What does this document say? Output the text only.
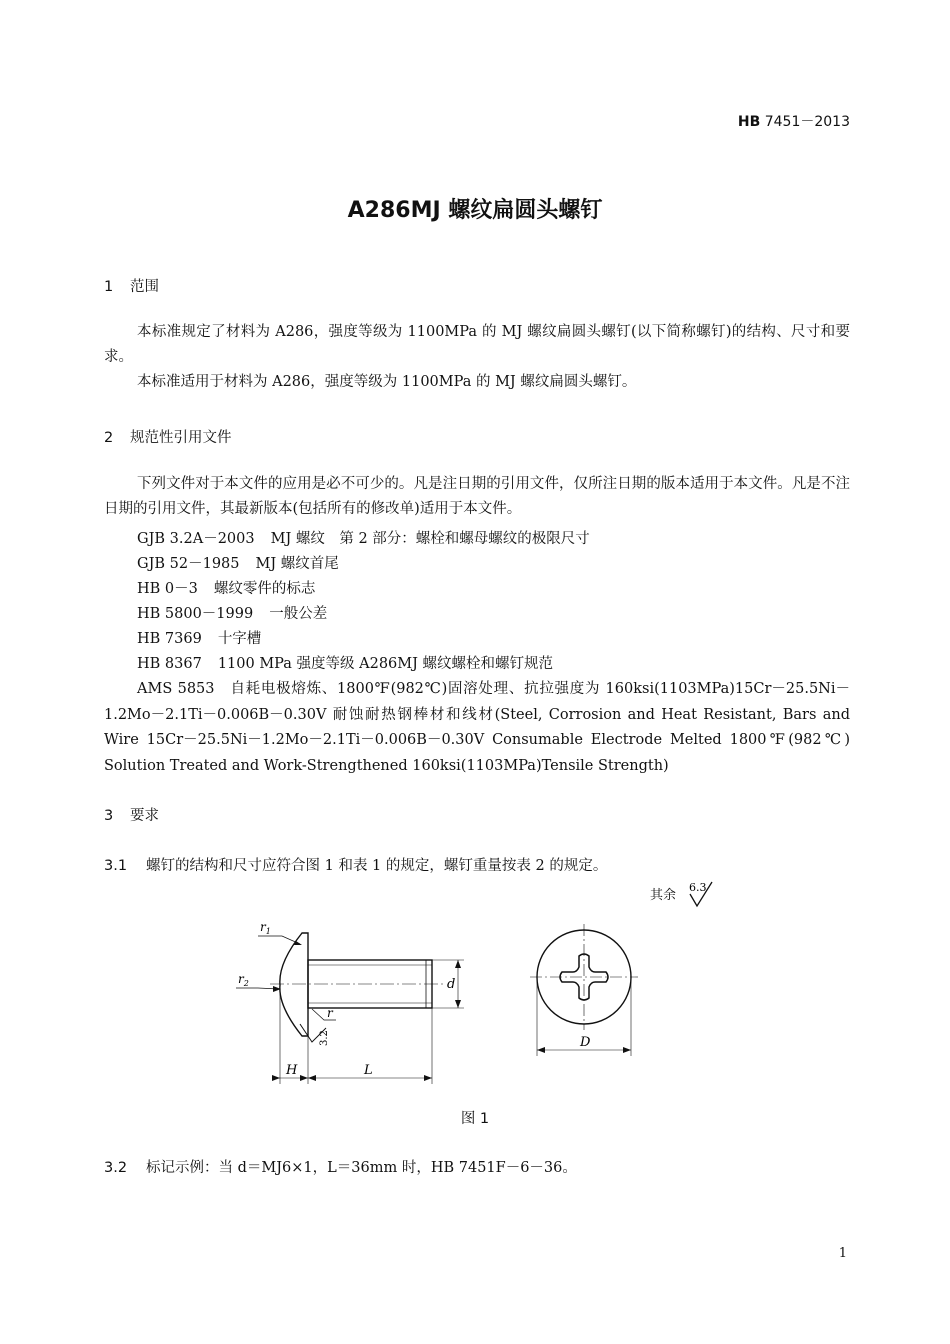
HB 7451－2013
A286MJ 螺纹扁圆头螺钉
1 范围
本标准规定了材料为 A286，强度等级为 1100MPa 的 MJ 螺纹扁圆头螺钉(以下简称螺钉)的结构、尺寸和要求。
本标准适用于材料为 A286，强度等级为 1100MPa 的 MJ 螺纹扁圆头螺钉。
2 规范性引用文件
下列文件对于本文件的应用是必不可少的。凡是注日期的引用文件，仅所注日期的版本适用于本文件。凡是不注日期的引用文件，其最新版本(包括所有的修改单)适用于本文件。
GJB 3.2A－2003 MJ 螺纹　第 2 部分：螺栓和螺母螺纹的极限尺寸
GJB 52－1985 MJ 螺纹首尾
HB 0－3 螺纹零件的标志
HB 5800－1999 一般公差
HB 7369 十字槽
HB 8367 1100 MPa 强度等级 A286MJ 螺纹螺栓和螺钉规范
AMS 5853　自耗电极熔炼、1800℉(982℃)固溶处理、抗拉强度为 160ksi(1103MPa)15Cr－25.5Ni－1.2Mo－2.1Ti－0.006B－0.30V 耐蚀耐热钢棒材和线材(Steel, Corrosion and Heat Resistant, Bars and Wire 15Cr－25.5Ni－1.2Mo－2.1Ti－0.006B－0.30V Consumable Electrode Melted 1800℉(982℃) Solution Treated and Work-Strengthened 160ksi(1103MPa)Tensile Strength)
3 要求
3.1 螺钉的结构和尺寸应符合图 1 和表 1 的规定，螺钉重量按表 2 的规定。
其余
6.3
d
$r_1$
$r_2$
r
3.2
H	L
D
图 1
3.2 标记示例：当 d＝MJ6×1，L＝36mm 时，HB 7451F－6－36。
1
